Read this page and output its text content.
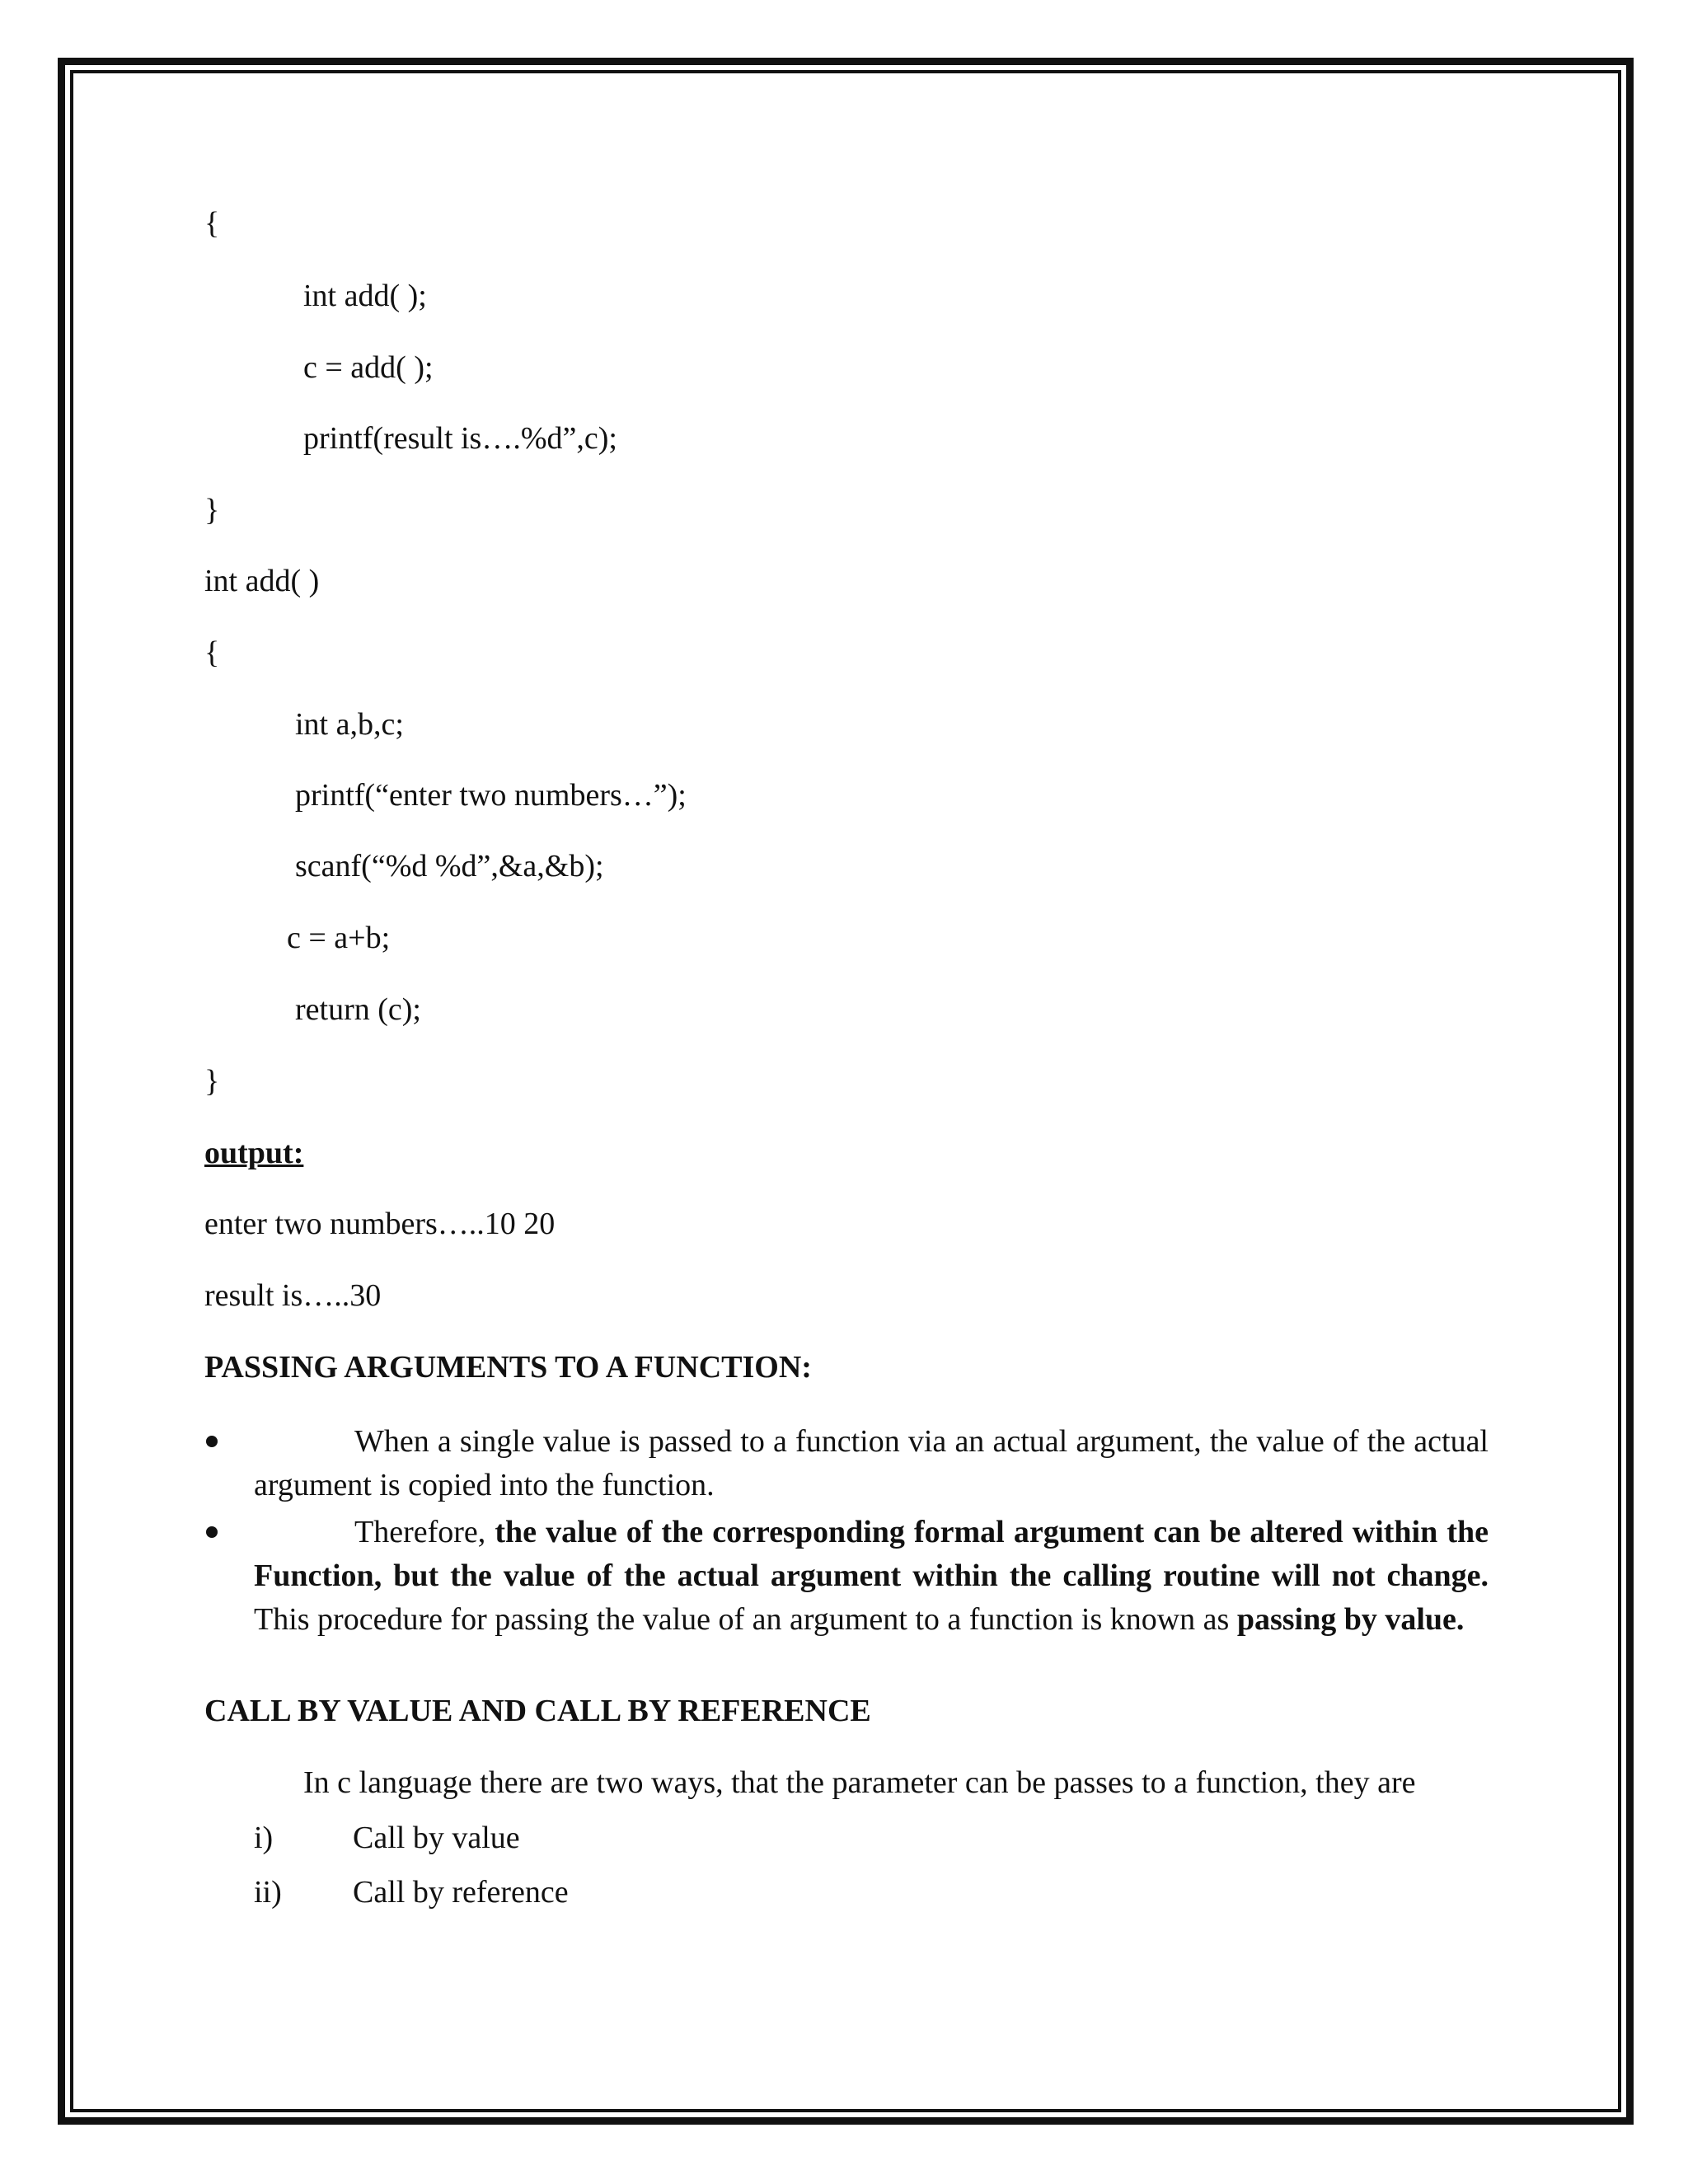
{
int add( );
c = add( );
printf(result is….%d”,c);
}
int add( )
{
int a,b,c;
printf(“enter two numbers…”);
scanf(“%d %d”,&a,&b);
c = a+b;
return (c);
}
output:
enter two numbers…..10 20
result is…..30
PASSING ARGUMENTS TO A FUNCTION:
When a single value is passed to a function via an actual argument, the value of the actual argument is copied into the function.
Therefore, the value of the corresponding formal argument can be altered within the Function, but the value of the actual argument within the calling routine will not change. This procedure for passing the value of an argument to a function is known as passing by value.
CALL BY VALUE AND CALL BY REFERENCE
In c language there are two ways, that the parameter can be passes to a function, they are
i)	Call by value
ii) Call by reference
